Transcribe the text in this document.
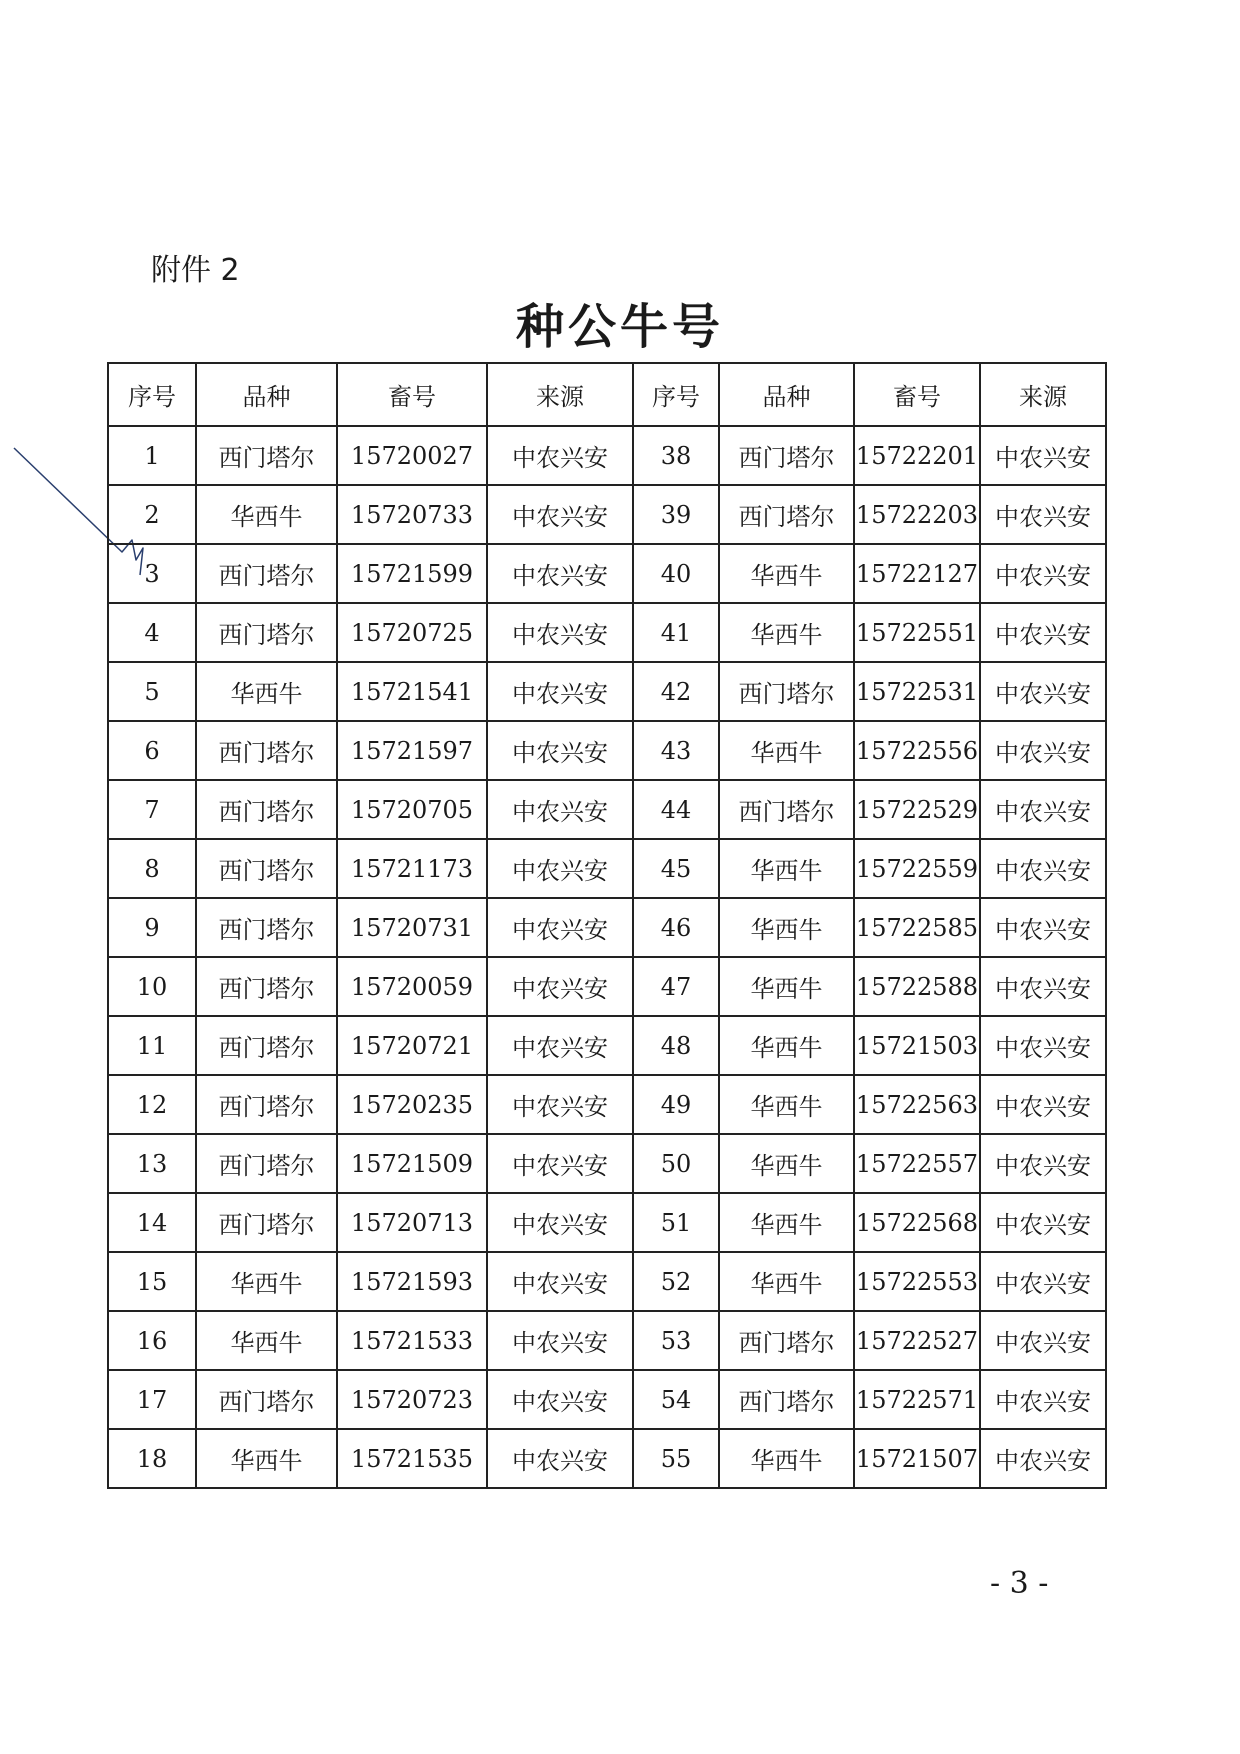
附件 2
种公牛号
序号	品种	畜号	来源	序号	品种	畜号	来源
1	西门塔尔	15720027	中农兴安	38	西门塔尔	15722201	中农兴安
2	华西牛	15720733	中农兴安	39	西门塔尔	15722203	中农兴安
3	西门塔尔	15721599	中农兴安	40	华西牛	15722127	中农兴安
4	西门塔尔	15720725	中农兴安	41	华西牛	15722551	中农兴安
5	华西牛	15721541	中农兴安	42	西门塔尔	15722531	中农兴安
6	西门塔尔	15721597	中农兴安	43	华西牛	15722556	中农兴安
7	西门塔尔	15720705	中农兴安	44	西门塔尔	15722529	中农兴安
8	西门塔尔	15721173	中农兴安	45	华西牛	15722559	中农兴安
9	西门塔尔	15720731	中农兴安	46	华西牛	15722585	中农兴安
10	西门塔尔	15720059	中农兴安	47	华西牛	15722588	中农兴安
11	西门塔尔	15720721	中农兴安	48	华西牛	15721503	中农兴安
12	西门塔尔	15720235	中农兴安	49	华西牛	15722563	中农兴安
13	西门塔尔	15721509	中农兴安	50	华西牛	15722557	中农兴安
14	西门塔尔	15720713	中农兴安	51	华西牛	15722568	中农兴安
15	华西牛	15721593	中农兴安	52	华西牛	15722553	中农兴安
16	华西牛	15721533	中农兴安	53	西门塔尔	15722527	中农兴安
17	西门塔尔	15720723	中农兴安	54	西门塔尔	15722571	中农兴安
18	华西牛	15721535	中农兴安	55	华西牛	15721507	中农兴安
- 3 -
